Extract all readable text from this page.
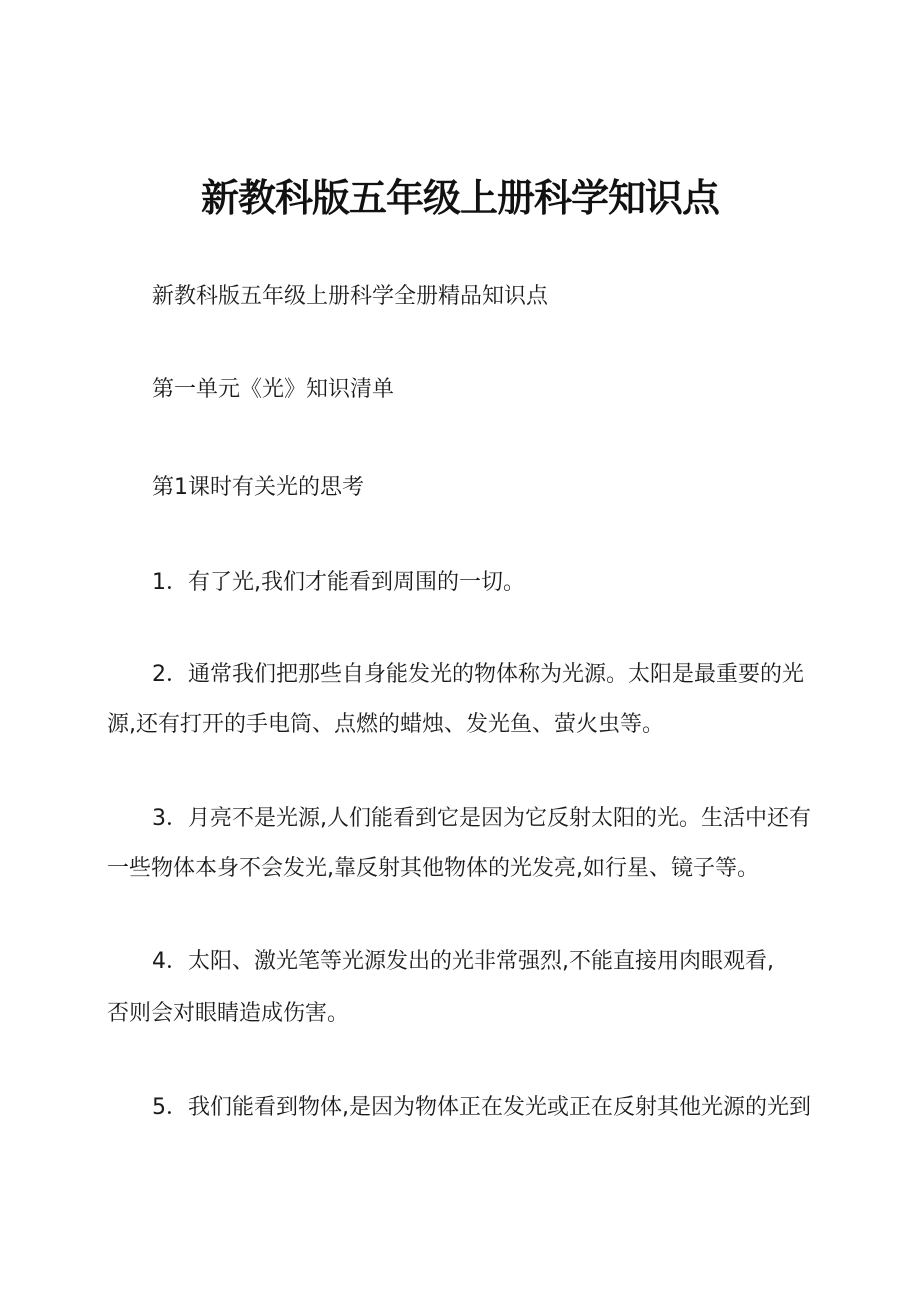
新教科版五年级上册科学知识点
新教科版五年级上册科学全册精品知识点
第一单元《光》知识清单
第1课时有关光的思考
1．有了光,我们才能看到周围的一切。
2．通常我们把那些自身能发光的物体称为光源。太阳是最重要的光
源,还有打开的手电筒、点燃的蜡烛、发光鱼、萤火虫等。
3．月亮不是光源,人们能看到它是因为它反射太阳的光。生活中还有
一些物体本身不会发光,靠反射其他物体的光发亮,如行星、镜子等。
4．太阳、激光笔等光源发出的光非常强烈,不能直接用肉眼观看,
否则会对眼睛造成伤害。
5．我们能看到物体,是因为物体正在发光或正在反射其他光源的光到
